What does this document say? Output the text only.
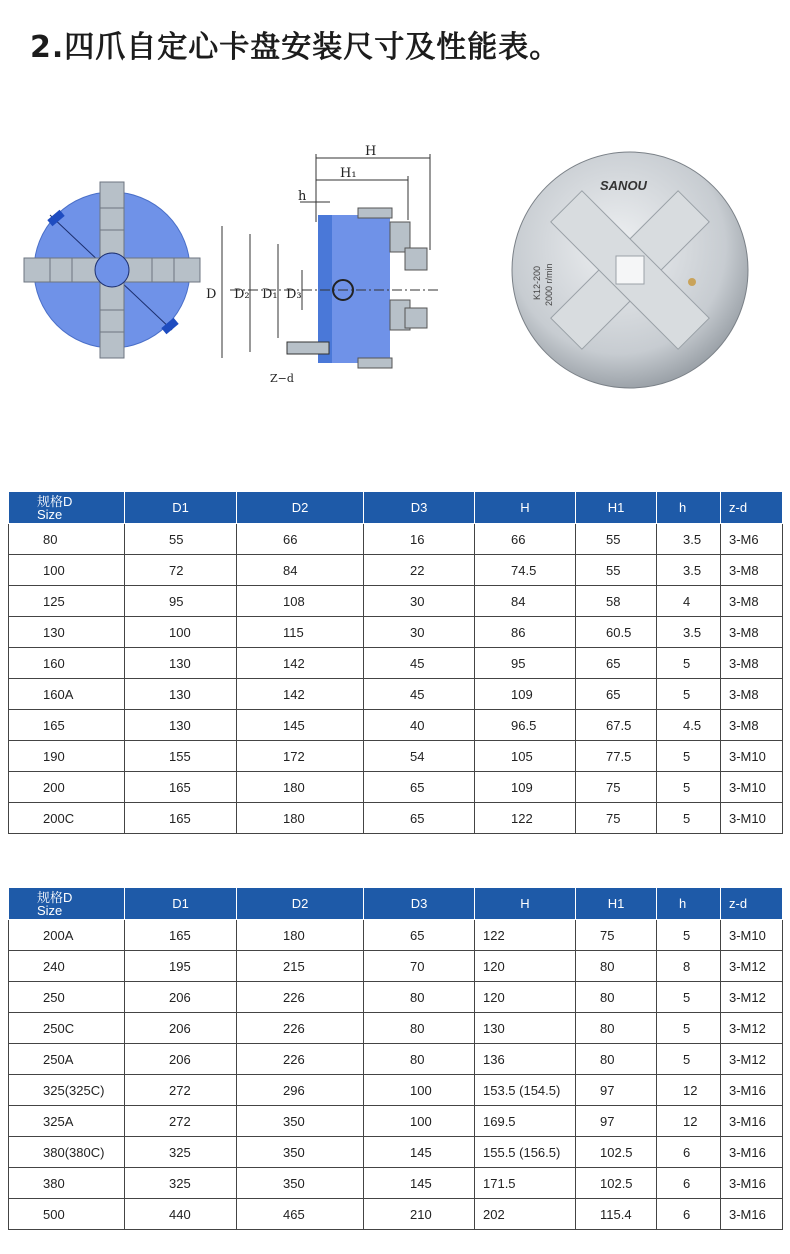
2.四爪自定心卡盘安装尺寸及性能表。
H
H₁
h
D D₂ D₁ D₃
Z−d
SANOU
K12-200 2000 r/min
规格D
Size	D1	D2	D3	H	H1	h	z-d
80	55	66	16	66	55	3.5	3-M6
100	72	84	22	74.5	55	3.5	3-M8
125	95	108	30	84	58	4	3-M8
130	100	115	30	86	60.5	3.5	3-M8
160	130	142	45	95	65	5	3-M8
160A	130	142	45	109	65	5	3-M8
165	130	145	40	96.5	67.5	4.5	3-M8
190	155	172	54	105	77.5	5	3-M10
200	165	180	65	109	75	5	3-M10
200C	165	180	65	122	75	5	3-M10
规格D
Size	D1	D2	D3	H	H1	h	z-d
200A	165	180	65	122	75	5	3-M10
240	195	215	70	120	80	8	3-M12
250	206	226	80	120	80	5	3-M12
250C	206	226	80	130	80	5	3-M12
250A	206	226	80	136	80	5	3-M12
325(325C)	272	296	100	153.5 (154.5)	97	12	3-M16
325A	272	350	100	169.5	97	12	3-M16
380(380C)	325	350	145	155.5 (156.5)	102.5	6	3-M16
380	325	350	145	171.5	102.5	6	3-M16
500	440	465	210	202	115.4	6	3-M16
